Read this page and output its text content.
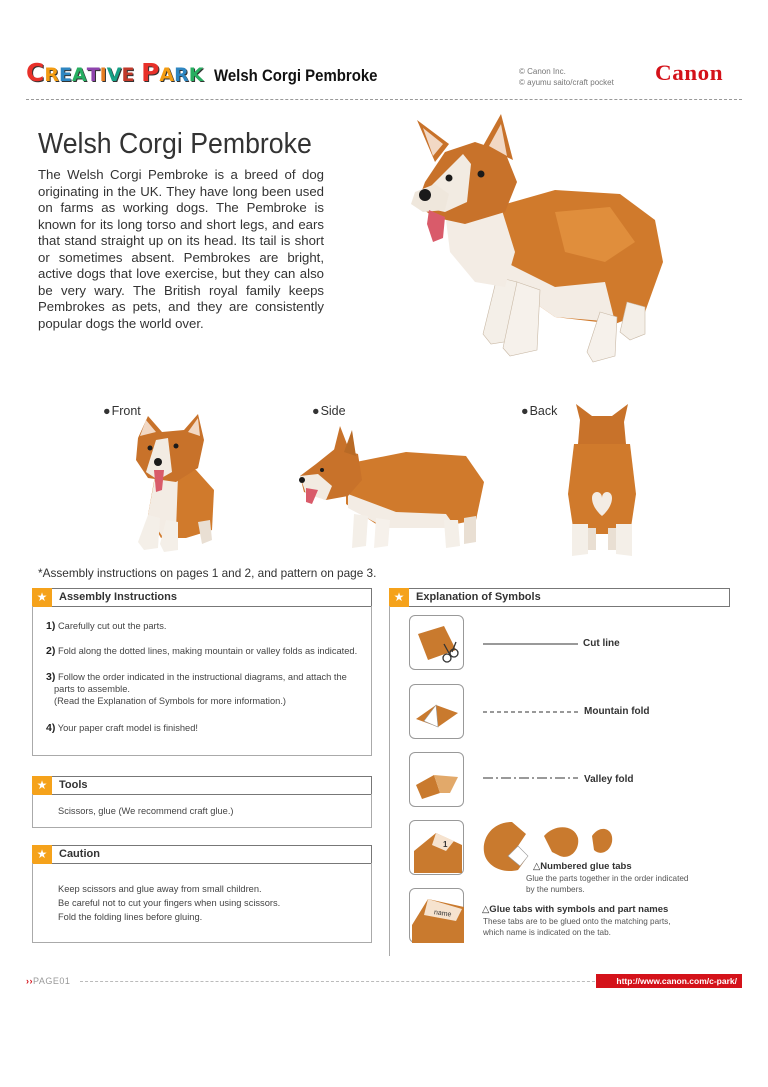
CREATIVE PARK Welsh Corgi Pembroke	© Canon Inc.
© ayumu saito/craft pocket Canon
Welsh Corgi Pembroke
The Welsh Corgi Pembroke is a breed of dog originating in the UK. They have long been used on farms as working dogs. The Pembroke is known for its long torso and short legs, and ears that stand straight up on its head. Its tail is short or sometimes absent. Pembrokes are bright, active dogs that love exercise, but they can also be very wary. The British royal family keeps Pembrokes as pets, and they are consistently popular dogs the world over.
● Front	● Side	● Back
*Assembly instructions on pages 1 and 2, and pattern on page 3.
★	Assembly Instructions
1) Carefully cut out the parts.
2) Fold along the dotted lines, making mountain or valley folds as indicated.
3) Follow the order indicated in the instructional diagrams, and attach the
parts to assemble.
(Read the Explanation of Symbols for more information.)
4) Your paper craft model is finished!
★	Tools
Scissors, glue (We recommend craft glue.)
★	Caution
Keep scissors and glue away from small children.
Be careful not to cut your fingers when using scissors.
Fold the folding lines before gluing.
★	Explanation of Symbols
Cut line
Mountain fold
Valley fold
1
△Numbered glue tabs
Glue the parts together in the order indicated
by the numbers.
name	△Glue tabs with symbols and part names
These tabs are to be glued onto the matching parts,
which name is indicated on the tab.
››PAGE01	http://www.canon.com/c-park/
